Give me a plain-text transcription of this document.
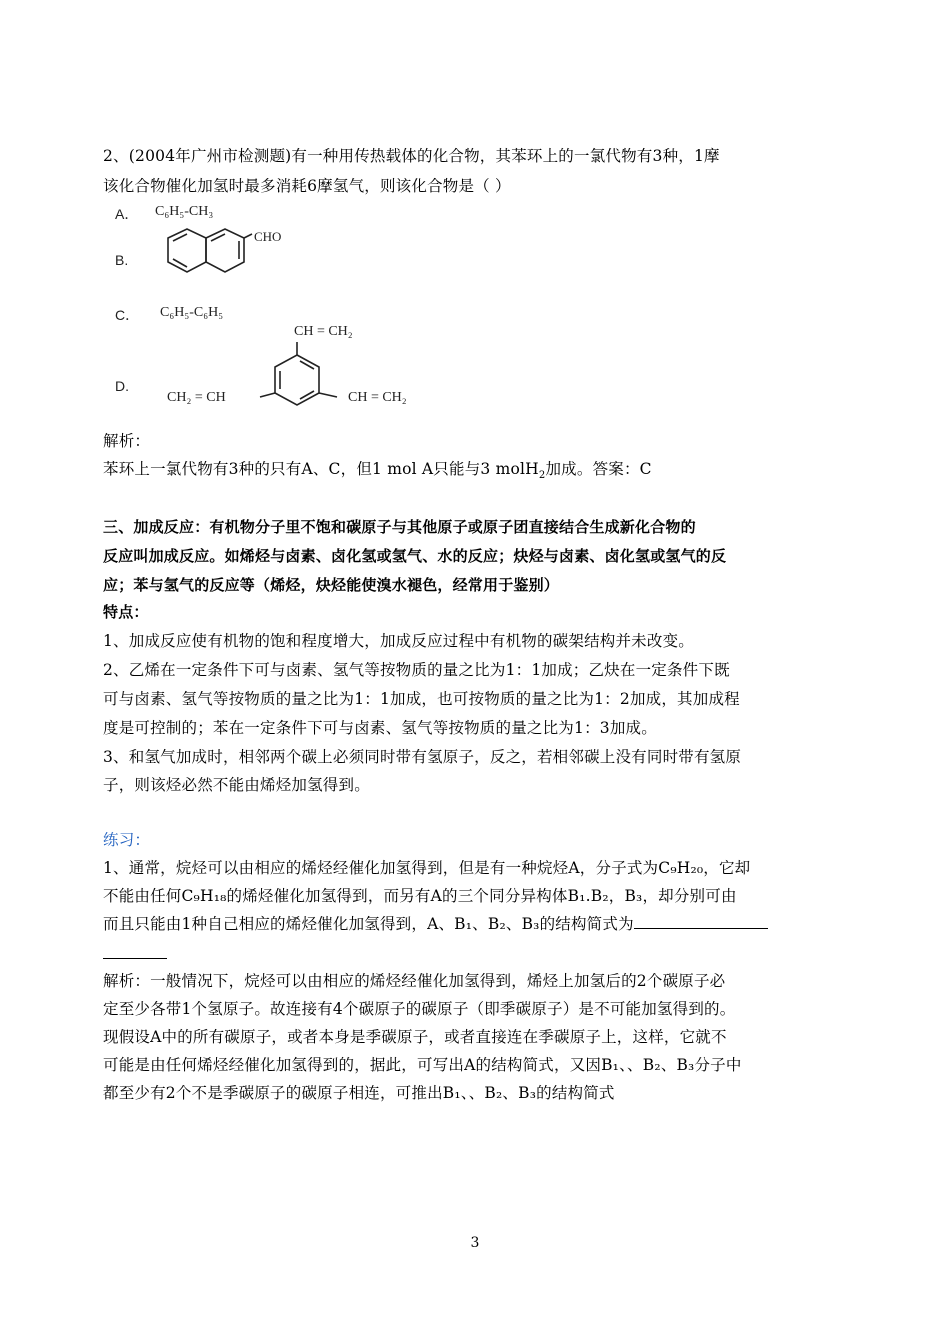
2、(2004年广州市检测题)有一种用传热载体的化合物，其苯环上的一氯代物有3种，1摩
该化合物催化加氢时最多消耗6摩氢气，则该化合物是（ ）
A． C₆H₅-CH₃
B.
CHO
C． C₆H₅-C₆H₅
D.
CH = CH₂
CH₂ = CH	CH = CH₂
解析：
苯环上一氯代物有3种的只有A、C，但1 mol A只能与3 molH$_2$加成。答案：C
三、加成反应：有机物分子里不饱和碳原子与其他原子或原子团直接结合生成新化合物的
反应叫加成反应。如烯烃与卤素、卤化氢或氢气、水的反应；炔烃与卤素、卤化氢或氢气的反
应；苯与氢气的反应等（烯烃，炔烃能使溴水褪色，经常用于鉴别）
特点：
1、加成反应使有机物的饱和程度增大，加成反应过程中有机物的碳架结构并未改变。
2、乙烯在一定条件下可与卤素、氢气等按物质的量之比为1：1加成；乙炔在一定条件下既
可与卤素、氢气等按物质的量之比为1：1加成，也可按物质的量之比为1：2加成，其加成程
度是可控制的；苯在一定条件下可与卤素、氢气等按物质的量之比为1：3加成。
3、和氢气加成时，相邻两个碳上必须同时带有氢原子，反之，若相邻碳上没有同时带有氢原
子，则该烃必然不能由烯烃加氢得到。
练习：
1、通常，烷烃可以由相应的烯烃经催化加氢得到，但是有一种烷烃A，分子式为C₉H₂₀，它却
不能由任何C₉H₁₈的烯烃催化加氢得到，而另有A的三个同分异构体B₁.B₂，B₃，却分别可由
而且只能由1种自己相应的烯烃催化加氢得到，A、B₁、B₂、B₃的结构简式为
解析：一般情况下，烷烃可以由相应的烯烃经催化加氢得到，烯烃上加氢后的2个碳原子必
定至少各带1个氢原子。故连接有4个碳原子的碳原子（即季碳原子）是不可能加氢得到的。
现假设A中的所有碳原子，或者本身是季碳原子，或者直接连在季碳原子上，这样，它就不
可能是由任何烯烃经催化加氢得到的，据此，可写出A的结构简式，又因B₁、、B₂、B₃分子中
都至少有2个不是季碳原子的碳原子相连，可推出B₁、、B₂、B₃的结构简式
3
